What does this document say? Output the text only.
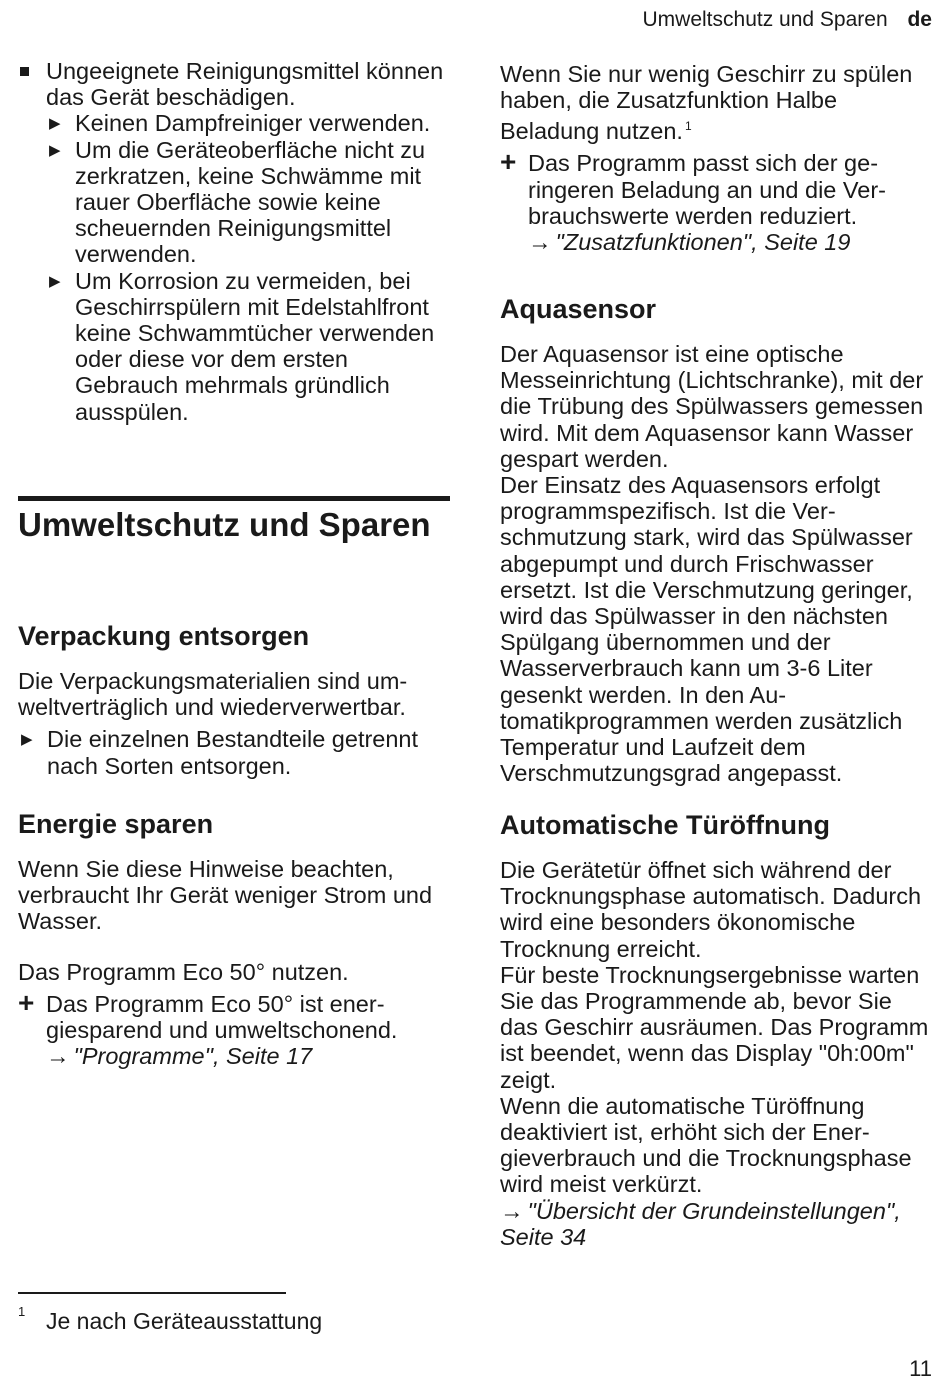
Umweltschutz und Sparen de
Ungeeignete Reinigungsmittel können das Gerät beschädigen.
▶ Keinen Dampfreiniger verwenden.
▶ Um die Geräteoberfläche nicht zu zerkratzen, keine Schwämme mit rauer Oberfläche sowie keine scheuernden Reinigungsmittel verwenden.
▶ Um Korrosion zu vermeiden, bei Geschirrspülern mit Edelstahlfront keine Schwammtücher verwenden oder diese vor dem ersten Gebrauch mehrmals gründlich ausspülen.
Umweltschutz und Sparen
Verpackung entsorgen

Die Verpackungsmaterialien sind umweltverträglich und wiederverwertbar.

▶ Die einzelnen Bestandteile getrennt nach Sorten entsorgen.
Energie sparen

Wenn Sie diese Hinweise beachten, verbraucht Ihr Gerät weniger Strom und Wasser.

Das Programm Eco 50° nutzen.

+ Das Programm Eco 50° ist energiesparend und umweltschonend.
→ "Programme", Seite 17

Wenn Sie nur wenig Geschirr zu spülen haben, die Zusatzfunktion Halbe Beladung nutzen. $^1$

+ Das Programm passt sich der geringeren Beladung an und die Verbrauchswerte werden reduziert.
→ "Zusatzfunktionen", Seite 19
Aquasensor

Der Aquasensor ist eine optische Messeinrichtung (Lichtschranke), mit der die Trübung des Spülwassers gemessen wird. Mit dem Aquasensor kann Wasser gespart werden.

Der Einsatz des Aquasensors erfolgt programmspezifisch. Ist die Verschmutzung stark, wird das Spülwasser abgepumpt und durch Frischwasser ersetzt. Ist die Verschmutzung geringer, wird das Spülwasser in den nächsten Spülgang übernommen und der Wasserverbrauch kann um 3-6 Liter gesenkt werden. In den Automatikprogrammen werden zusätzlich Temperatur und Laufzeit dem Verschmutzungsgrad angepasst.

Automatische Türöffnung

Die Gerätetür öffnet sich während der Trocknungsphase automatisch. Dadurch wird eine besonders ökonomische Trocknung erreicht.

Für beste Trocknungsergebnisse warten Sie das Programmende ab, bevor Sie das Geschirr ausräumen. Das Programm ist beendet, wenn das Display "0h:00m" zeigt.

Wenn die automatische Türöffnung deaktiviert ist, erhöht sich der Energieverbrauch und die Trocknungsphase wird meist verkürzt.

→ "Übersicht der Grundeinstellungen", Seite 34
1 Je nach Geräteausstattung
11
